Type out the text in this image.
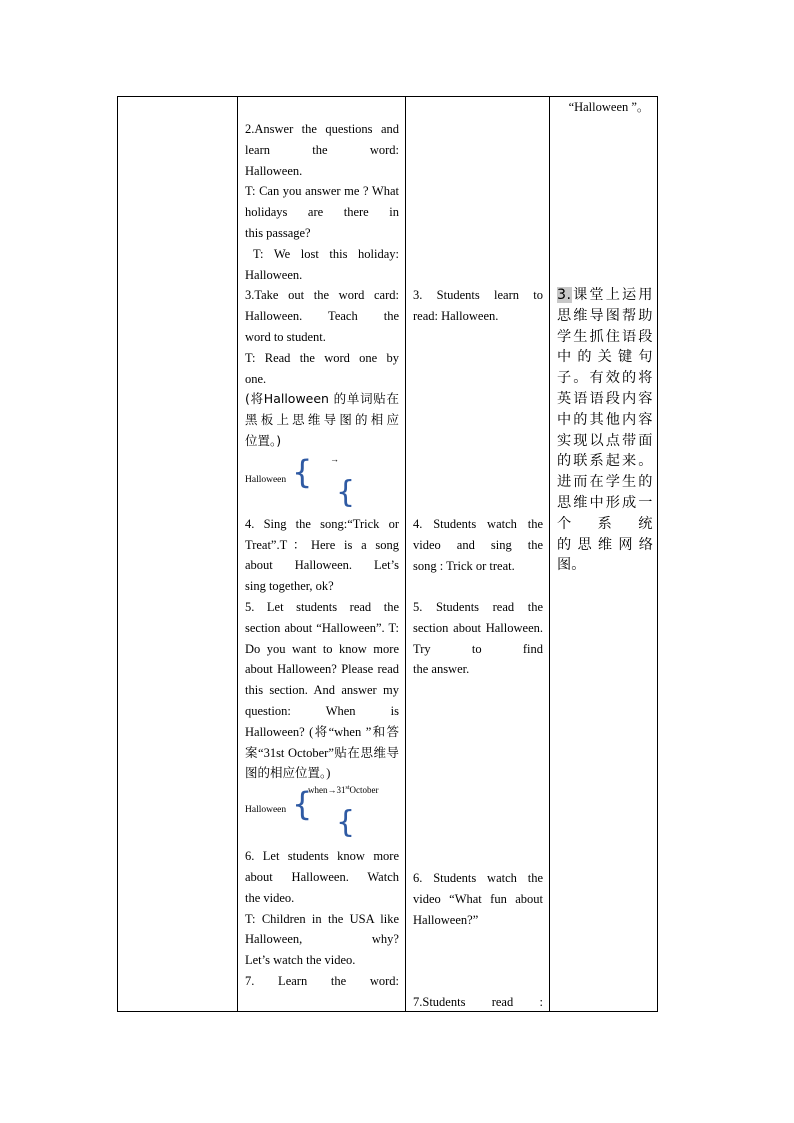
2.Answer the questions and learn the word:

Halloween.

T: Can you answer me ? What holidays are there in

this passage?

T: We lost this holiday:

Halloween.

3.Take out the word card: Halloween. Teach the

word to student.

T: Read the word one by

one.

(将Halloween 的单词贴在黑板上思维导图的相应

位置。)

Halloween { →
{

4. Sing the song:“Trick or Treat”.T：Here is a song about Halloween. Let’s

sing together, ok?

5. Let students read the section about “Halloween”. T: Do you want to know more about Halloween? Please read this section. And answer my question: When is

Halloween? (将“when ”和答案“31st October”贴在思维导图的相应位置。)

Halloween {
when→31stOctober
{

6. Let students know more about Halloween. Watch

the video.

T: Children in the USA like Halloween, why?

Let’s watch the video.

7. Learn the word:

3. Students learn to

read: Halloween.

4. Students watch the video and sing the

song : Trick or treat.

5. Students read the section about Halloween. Try to find

the answer.

6. Students watch the video “What fun about

Halloween?”

7.Students read :

“Halloween ”。

3.课堂上运用思维导图帮助学生抓住语段中的关键句子。有效的将英语语段内容中的其他内容实现以点带面的联系起来。进而在学生的思维中形成一个系统

的思维网络图。
